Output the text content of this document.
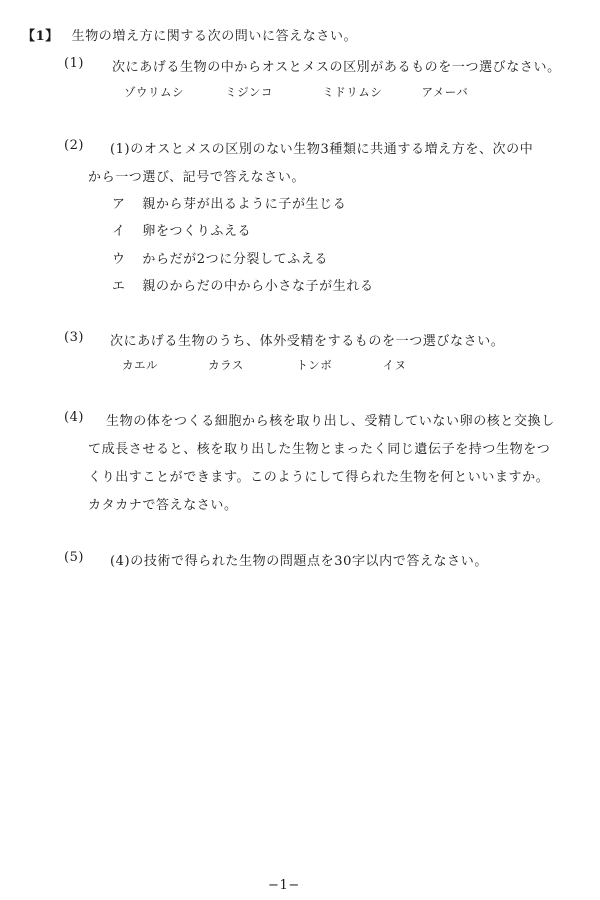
【1】 生物の増え方に関する次の問いに答えなさい。
(1) 次にあげる生物の中からオスとメスの区別があるものを一つ選びなさい。
ゾウリムシ	ミジンコ	ミドリムシ	アメーバ
(2) (1)のオスとメスの区別のない生物3種類に共通する増え方を、次の中
から一つ選び、記号で答えなさい。
ア 親から芽が出るように子が生じる
イ 卵をつくりふえる
ウ からだが2つに分裂してふえる
エ 親のからだの中から小さな子が生れる
(3) 次にあげる生物のうち、体外受精をするものを一つ選びなさい。
カエル	カラス	トンボ	イヌ
(4) 生物の体をつくる細胞から核を取り出し、受精していない卵の核と交換し
て成長させると、核を取り出した生物とまったく同じ遺伝子を持つ生物をつ
くり出すことができます。このようにして得られた生物を何といいますか。
カタカナで答えなさい。
(5) (4)の技術で得られた生物の問題点を30字以内で答えなさい。
−1−
